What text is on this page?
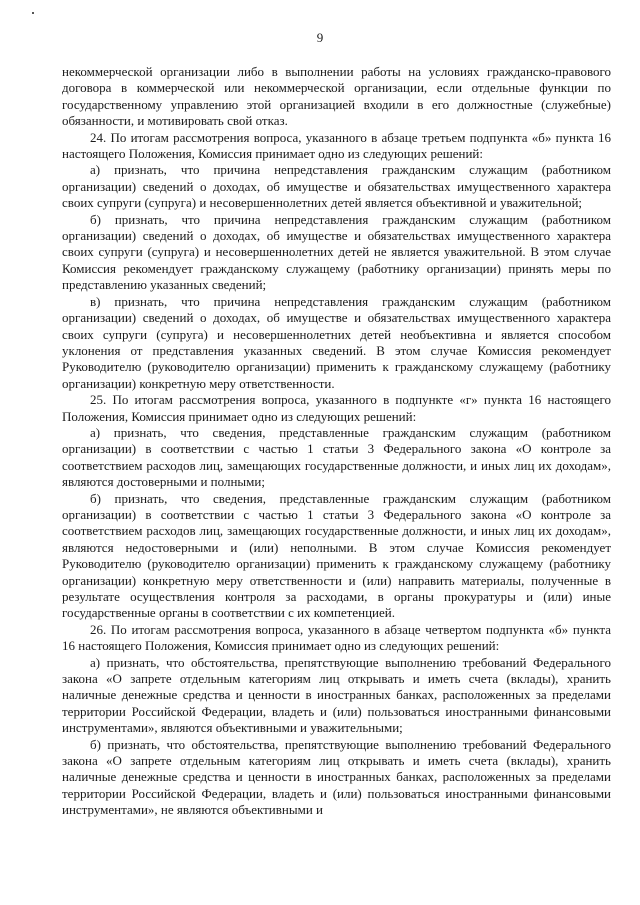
9

некоммерческой организации либо в выполнении работы на условиях гражданско-правового договора в коммерческой или некоммерческой организации, если отдельные функции по государственному управлению этой организацией входили в его должностные (служебные) обязанности, и мотивировать свой отказ.

24. По итогам рассмотрения вопроса, указанного в абзаце третьем подпункта «б» пункта 16 настоящего Положения, Комиссия принимает одно из следующих решений:

а) признать, что причина непредставления гражданским служащим (работником организации) сведений о доходах, об имуществе и обязательствах имущественного характера своих супруги (супруга) и несовершеннолетних детей является объективной и уважительной;

б) признать, что причина непредставления гражданским служащим (работником организации) сведений о доходах, об имуществе и обязательствах имущественного характера своих супруги (супруга) и несовершеннолетних детей не является уважительной. В этом случае Комиссия рекомендует гражданскому служащему (работнику организации) принять меры по представлению указанных сведений;

в) признать, что причина непредставления гражданским служащим (работником организации) сведений о доходах, об имуществе и обязательствах имущественного характера своих супруги (супруга) и несовершеннолетних детей необъективна и является способом уклонения от представления указанных сведений. В этом случае Комиссия рекомендует Руководителю (руководителю организации) применить к гражданскому служащему (работнику организации) конкретную меру ответственности.

25. По итогам рассмотрения вопроса, указанного в подпункте «г» пункта 16 настоящего Положения, Комиссия принимает одно из следующих решений:

а) признать, что сведения, представленные гражданским служащим (работником организации) в соответствии с частью 1 статьи 3 Федерального закона «О контроле за соответствием расходов лиц, замещающих государственные должности, и иных лиц их доходам», являются достоверными и полными;

б) признать, что сведения, представленные гражданским служащим (работником организации) в соответствии с частью 1 статьи 3 Федерального закона «О контроле за соответствием расходов лиц, замещающих государственные должности, и иных лиц их доходам», являются недостоверными и (или) неполными. В этом случае Комиссия рекомендует Руководителю (руководителю организации) применить к гражданскому служащему (работнику организации) конкретную меру ответственности и (или) направить материалы, полученные в результате осуществления контроля за расходами, в органы прокуратуры и (или) иные государственные органы в соответствии с их компетенцией.

26. По итогам рассмотрения вопроса, указанного в абзаце четвертом подпункта «б» пункта 16 настоящего Положения, Комиссия принимает одно из следующих решений:

а) признать, что обстоятельства, препятствующие выполнению требований Федерального закона «О запрете отдельным категориям лиц открывать и иметь счета (вклады), хранить наличные денежные средства и ценности в иностранных банках, расположенных за пределами территории Российской Федерации, владеть и (или) пользоваться иностранными финансовыми инструментами», являются объективными и уважительными;

б) признать, что обстоятельства, препятствующие выполнению требований Федерального закона «О запрете отдельным категориям лиц открывать и иметь счета (вклады), хранить наличные денежные средства и ценности в иностранных банках, расположенных за пределами территории Российской Федерации, владеть и (или) пользоваться иностранными финансовыми инструментами», не являются объективными и
